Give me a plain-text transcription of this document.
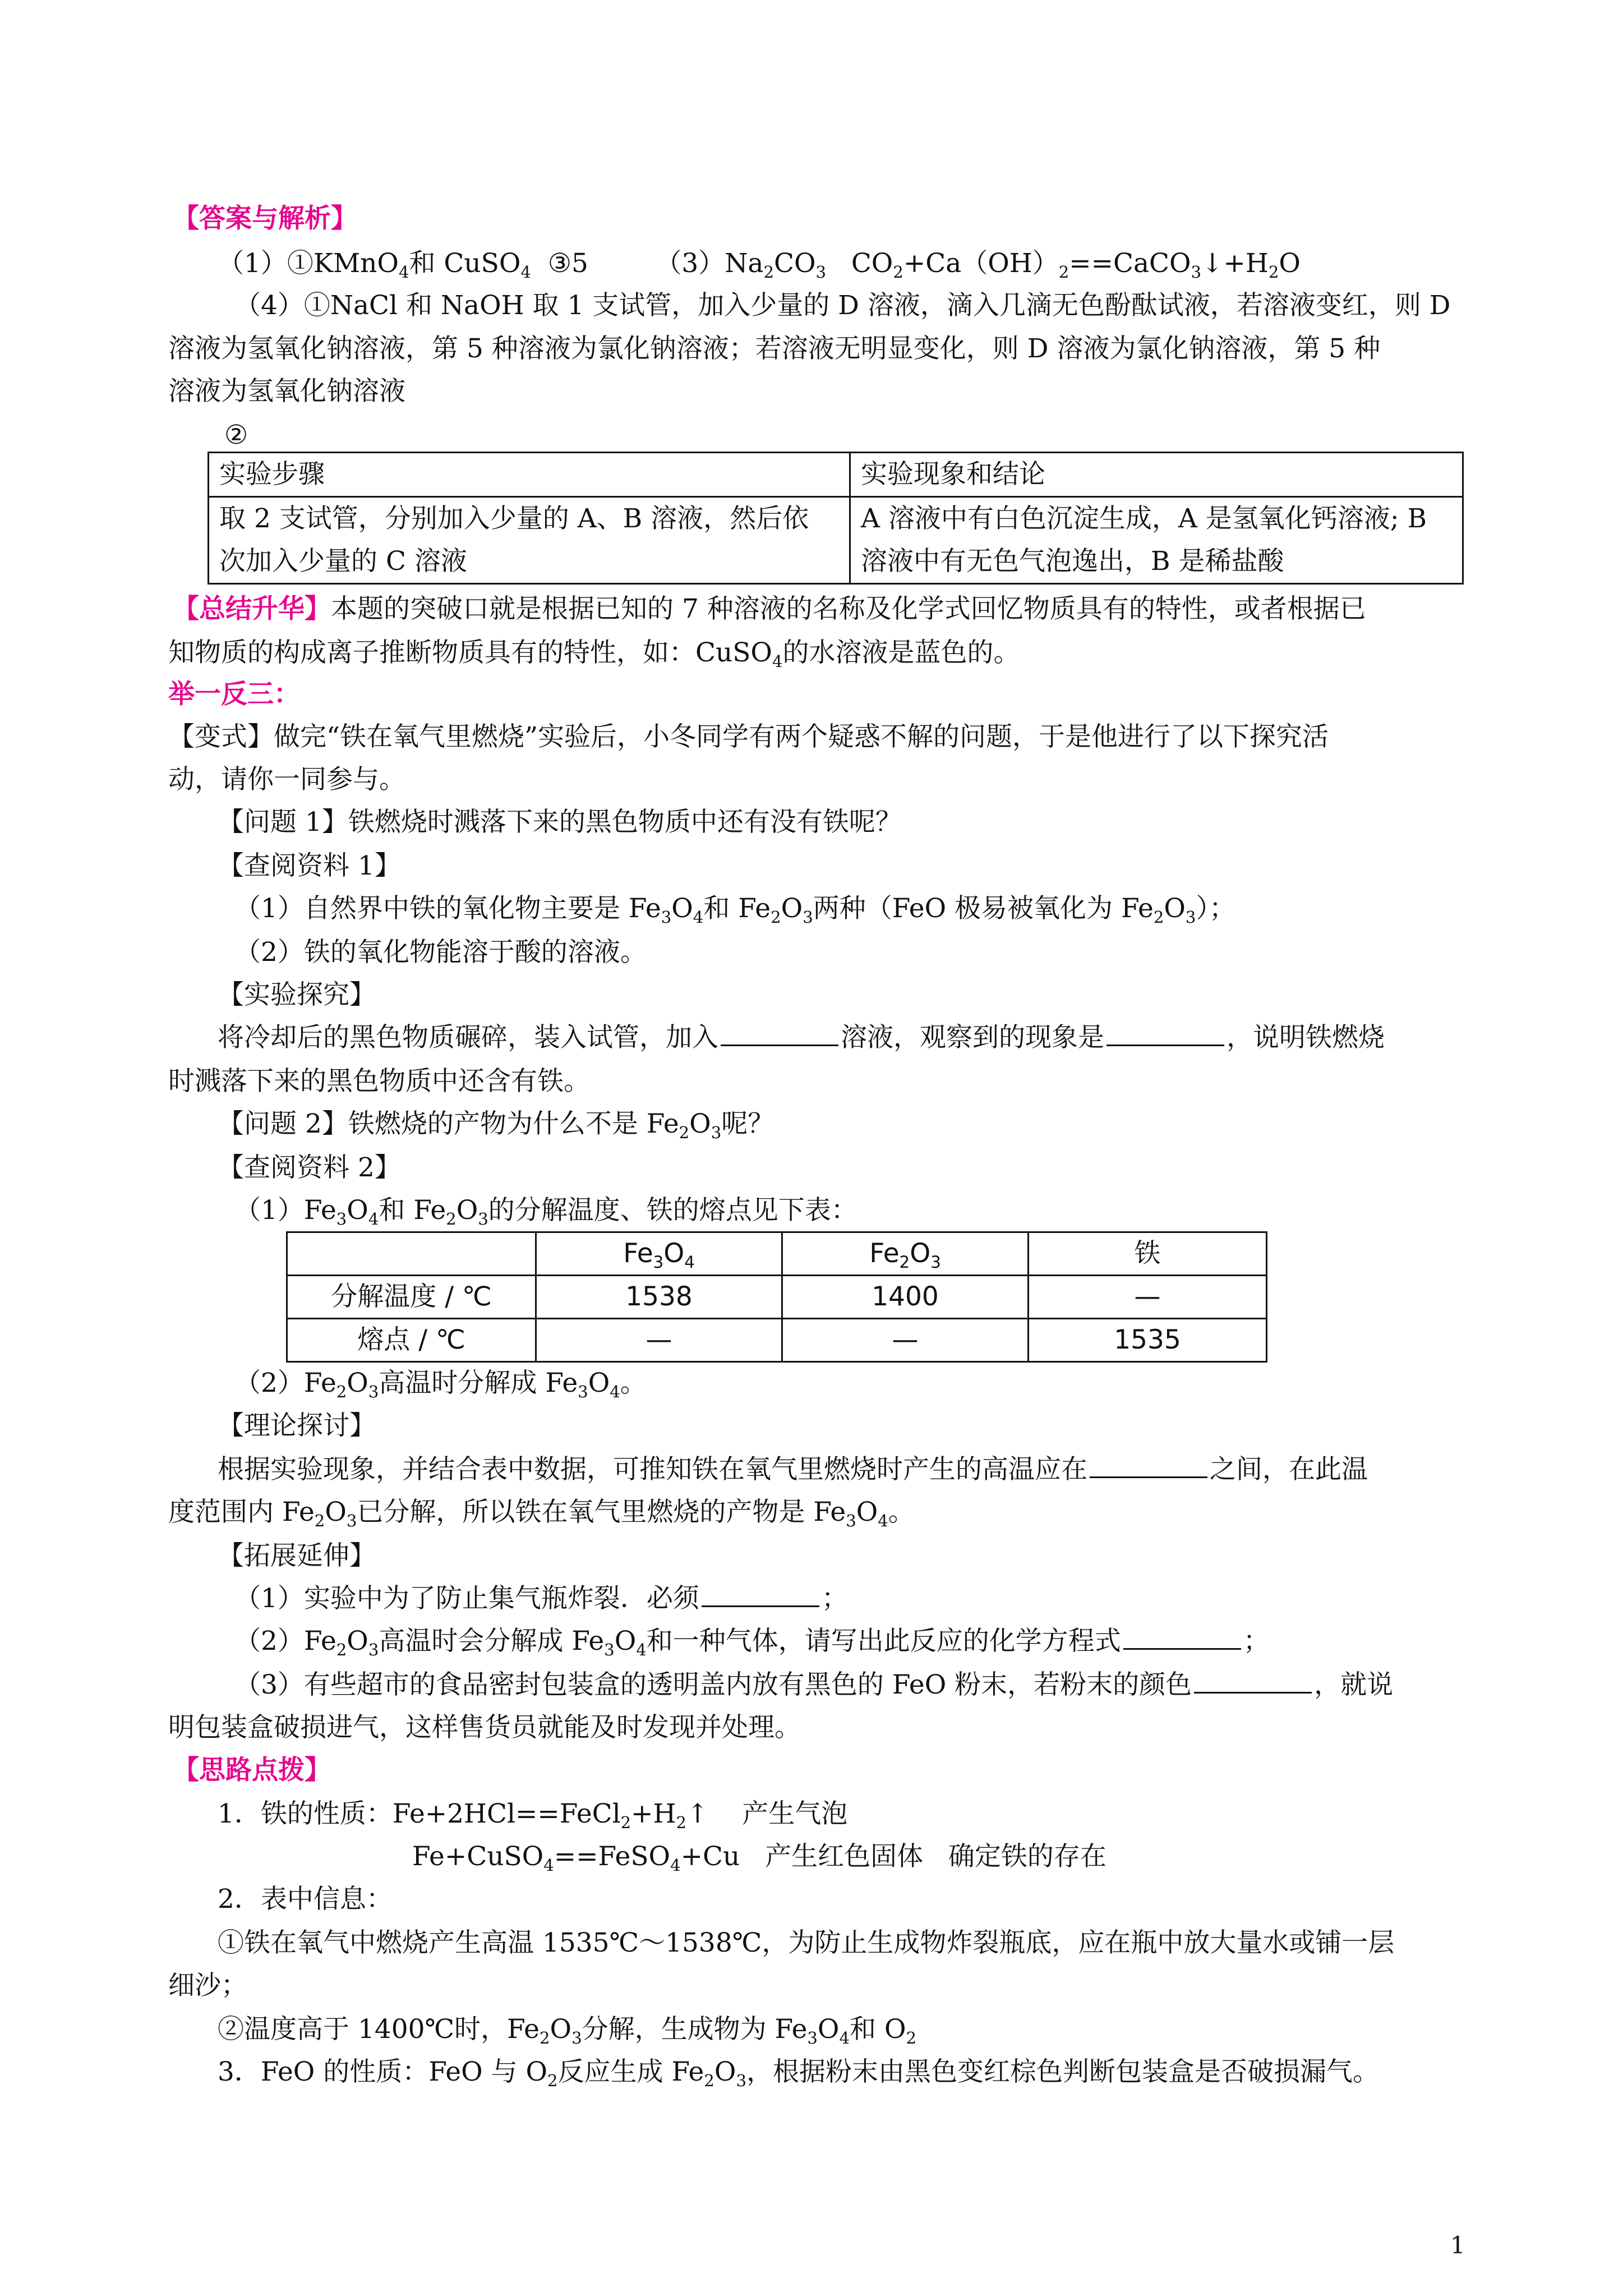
【答案与解析】
（1）①KMnO$_4$和 CuSO$_4$ ③5	$(3)Na_2CO_3$ $CO_2+Ca(OH)_2==CaCO_3↓+H_2O$
（4）①NaCl 和 NaOH 取 1 支试管，加入少量的 D 溶液，滴入几滴无色酚酞试液，若溶液变红，则 D
溶液为氢氧化钠溶液，第 5 种溶液为氯化钠溶液；若溶液无明显变化，则 D 溶液为氯化钠溶液，第 5 种
溶液为氢氧化钠溶液
②
实验步骤	实验现象和结论
取 2 支试管，分别加入少量的 A、B 溶液，然后依
次加入少量的 C 溶液	A 溶液中有白色沉淀生成，A 是氢氧化钙溶液; B
溶液中有无色气泡逸出，B 是稀盐酸
【总结升华】本题的突破口就是根据已知的 7 种溶液的名称及化学式回忆物质具有的特性，或者根据已
知物质的构成离子推断物质具有的特性，如：CuSO$_4$的水溶液是蓝色的。
举一反三：
【变式】做完“铁在氧气里燃烧”实验后，小冬同学有两个疑惑不解的问题，于是他进行了以下探究活
动，请你一同参与。
【问题 1】铁燃烧时溅落下来的黑色物质中还有没有铁呢？
【查阅资料 1】
（1）自然界中铁的氧化物主要是 $Fe_3O_4$和 $Fe_2O_3$两种（FeO 极易被氧化为 $Fe_2O_3$）；
（2）铁的氧化物能溶于酸的溶液。
【实验探究】
将冷却后的黑色物质碾碎，装入试管，加入	溶液，观察到的现象是	，说明铁燃烧
时溅落下来的黑色物质中还含有铁。
【问题 2】铁燃烧的产物为什么不是 $Fe_2O_3$呢？
【查阅资料 2】
$(1)Fe_3O_4$和 $Fe_2O_3$的分解温度、铁的熔点见下表：
	$Fe_3O_4$	$Fe_2O_3$	铁
分解温度 / ℃	1538	1400	—
熔点 / ℃	—	—	1535
$(2)Fe_2O_3$高温时分解成 $Fe_3O_4$。
【理论探讨】
根据实验现象，并结合表中数据，可推知铁在氧气里燃烧时产生的高温应在	之间，在此温
度范围内 $Fe_2O_3$已分解，所以铁在氧气里燃烧的产物是 $Fe_3O_4$。
【拓展延伸】
（1）实验中为了防止集气瓶炸裂．必须	；
$(2)Fe_2O_3$高温时会分解成 $Fe_3O_4$和一种气体，请写出此反应的化学方程式	；
（3）有些超市的食品密封包装盒的透明盖内放有黑色的 FeO 粉末，若粉末的颜色	，就说
明包装盒破损进气，这样售货员就能及时发现并处理。
【思路点拨】
1．铁的性质：$Fe+2HCl==FeCl_2+H_2↑$ 产生气泡
Fe+CuSO$_4$==FeSO$_4$+Cu 产生红色固体 确定铁的存在
2．表中信息：
①铁在氧气中燃烧产生高温 1535℃～1538℃，为防止生成物炸裂瓶底，应在瓶中放大量水或铺一层
细沙；
②温度高于 1400℃时，$Fe_2O_3$分解，生成物为 $Fe_3O_4$和 $O_2$
3．FeO 的性质：FeO 与 $O_2$反应生成 $Fe_2O_3$，根据粉末由黑色变红棕色判断包装盒是否破损漏气。
1
